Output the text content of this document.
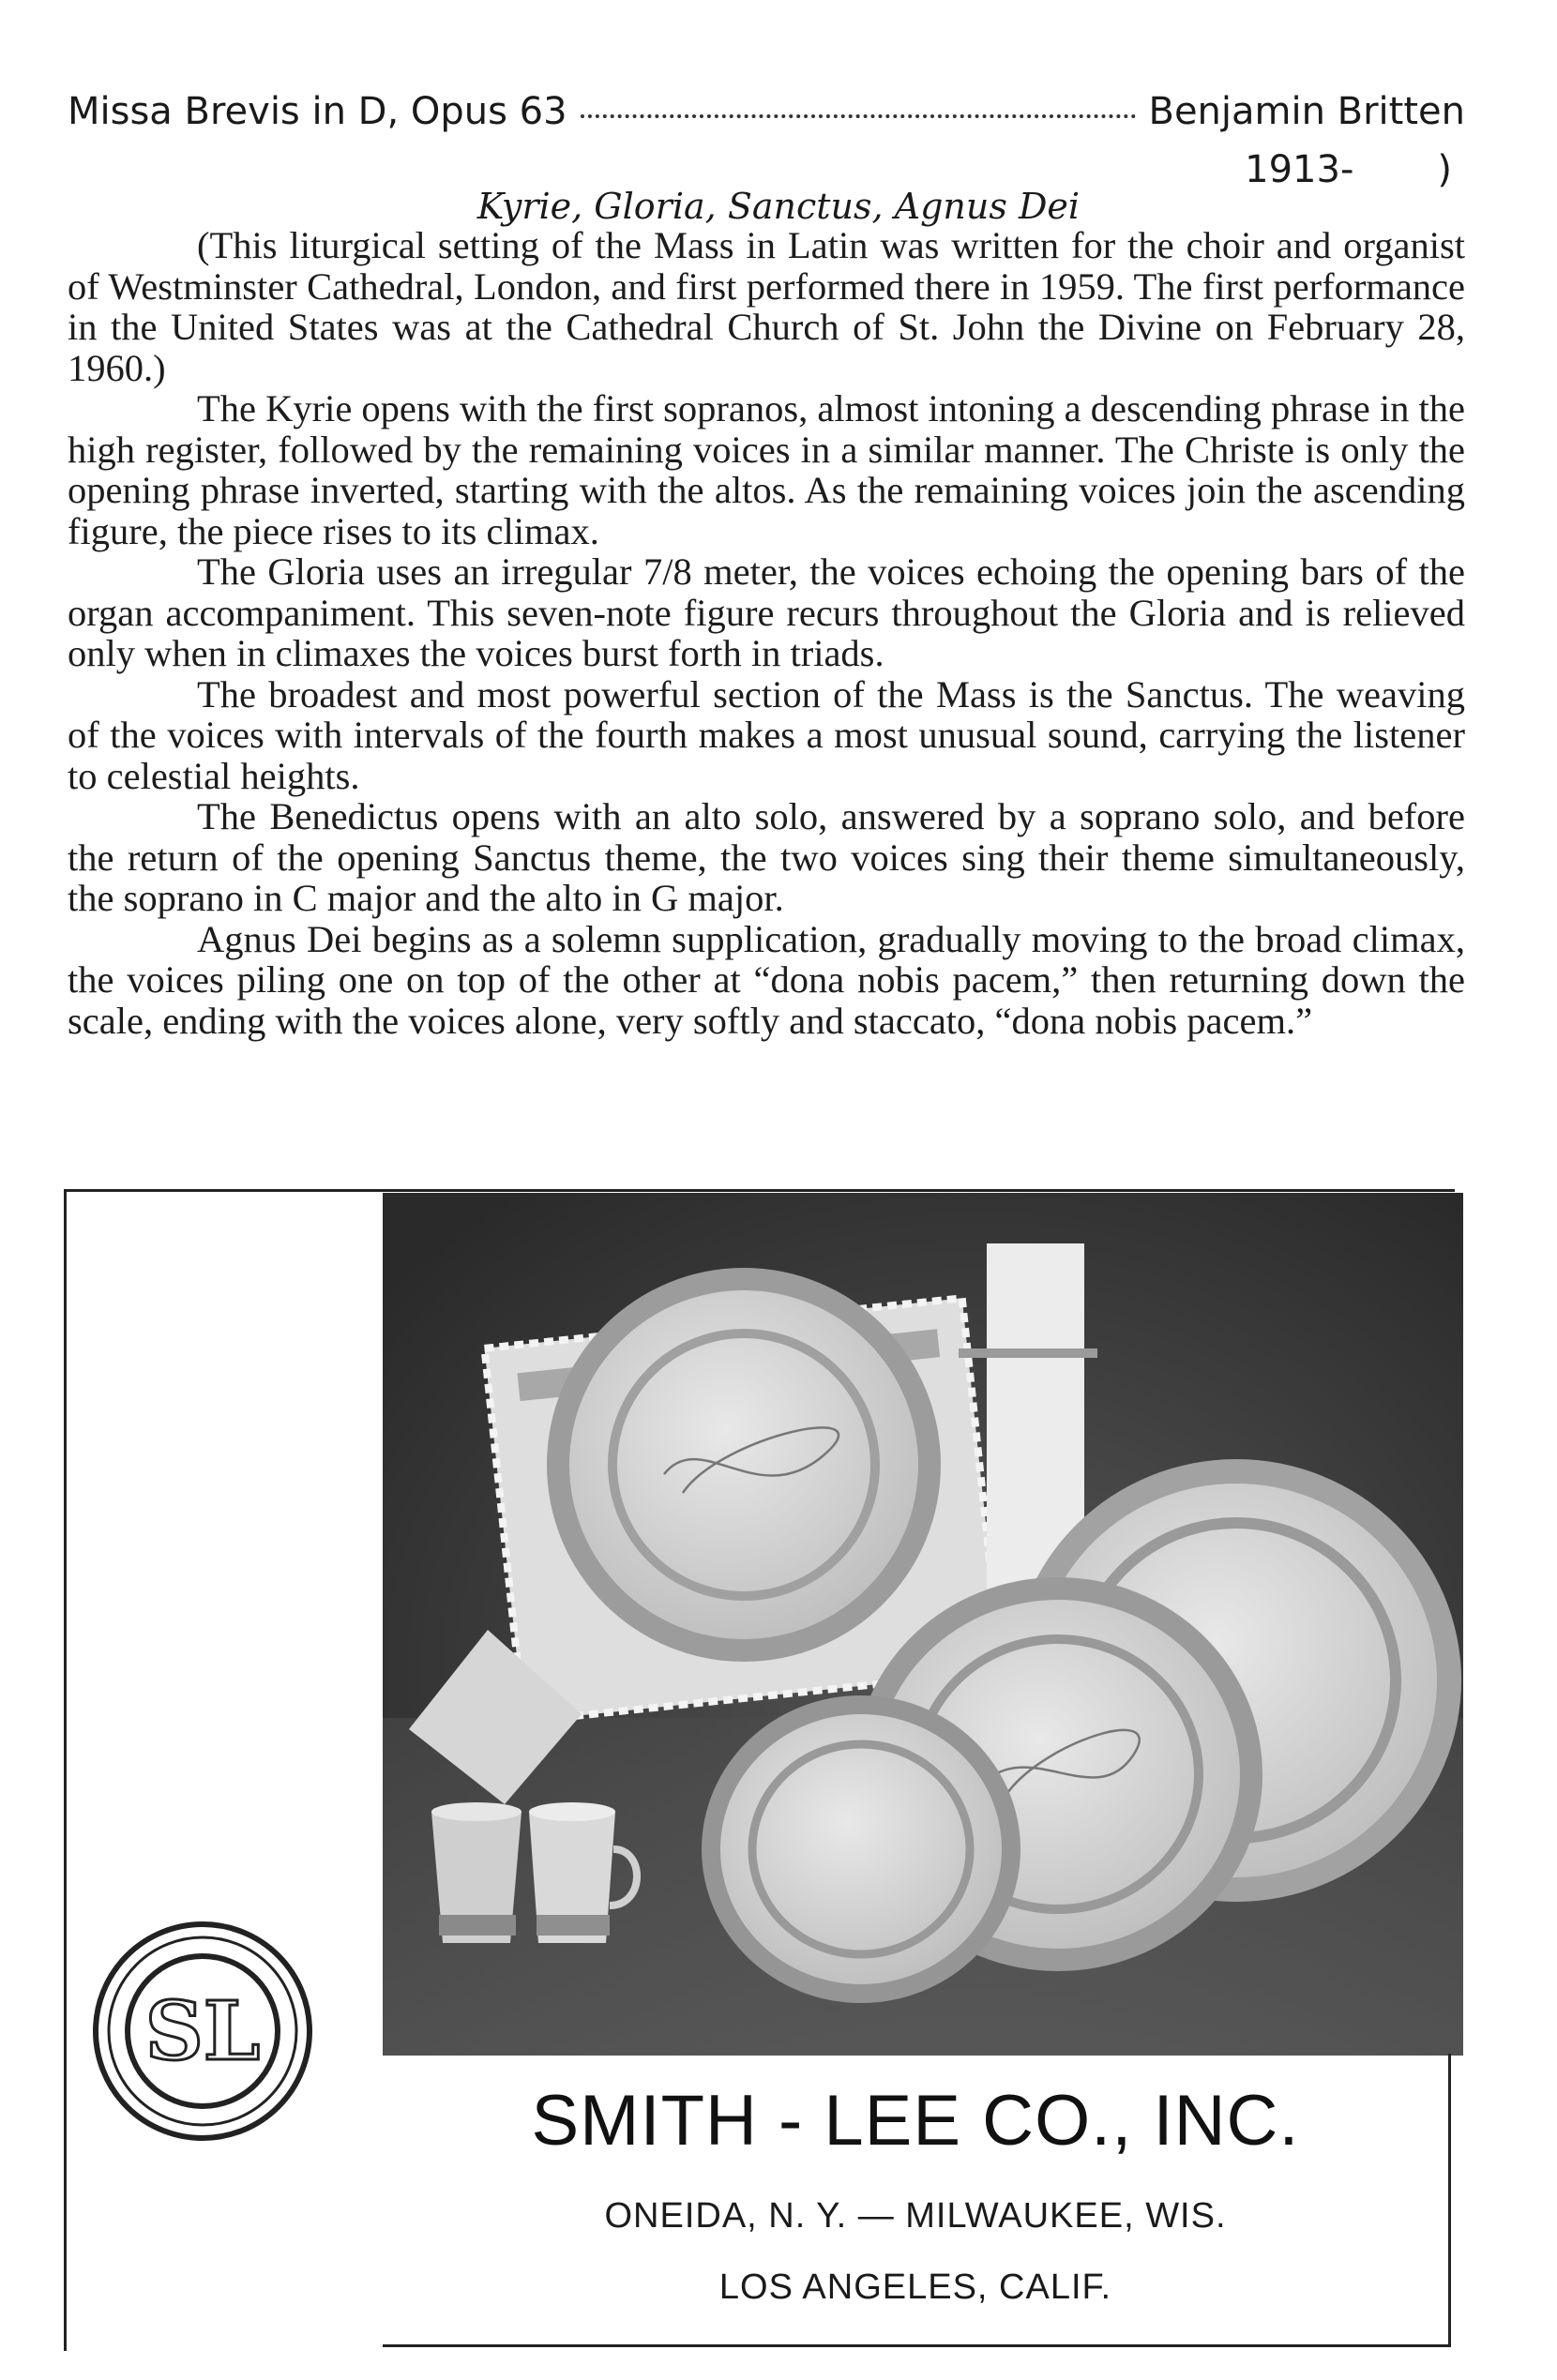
Missa Brevis in D, Opus 63	Benjamin Britten
1913-       )
Kyrie, Gloria, Sanctus, Agnus Dei

(This liturgical setting of the Mass in Latin was written for the choir and organist of Westminster Cathedral, London, and first performed there in 1959. The first performance in the United States was at the Cathedral Church of St. John the Divine on February 28, 1960.)

The Kyrie opens with the first sopranos, almost intoning a descending phrase in the high register, followed by the remaining voices in a similar manner. The Christe is only the opening phrase inverted, starting with the altos. As the remaining voices join the ascending figure, the piece rises to its climax.

The Gloria uses an irregular 7/8 meter, the voices echoing the opening bars of the organ accompaniment. This seven-note figure recurs throughout the Gloria and is relieved only when in climaxes the voices burst forth in triads.

The broadest and most powerful section of the Mass is the Sanctus. The weaving of the voices with intervals of the fourth makes a most unusual sound, carrying the listener to celestial heights.

The Benedictus opens with an alto solo, answered by a soprano solo, and before the return of the opening Sanctus theme, the two voices sing their theme simultaneously, the soprano in C major and the alto in G major.

Agnus Dei begins as a solemn supplication, gradually moving to the broad climax, the voices piling one on top of the other at “dona nobis pacem,” then returning down the scale, ending with the voices alone, very softly and staccato, “dona nobis pacem.”

SMITH - LEE CO., INC.
ONEIDA, N. Y. — MILWAUKEE, WIS.
LOS ANGELES, CALIF.
SL
